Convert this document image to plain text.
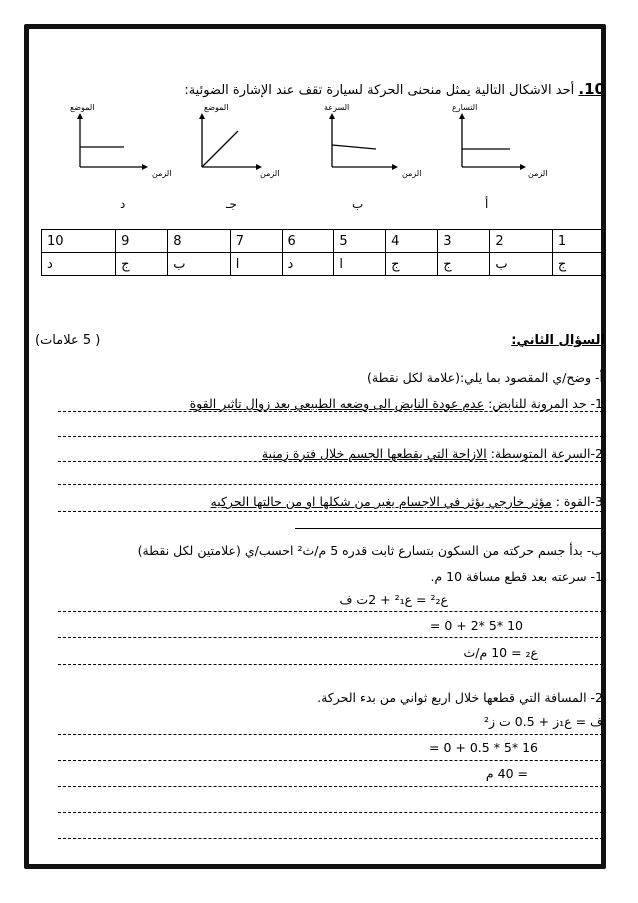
10. أحد الاشكال التالية يمثل منحنى الحركة لسيارة تقف عند الإشارة الضوئية:
التسارع
الزمن
السرعة
الزمن
الموضع
الزمن
الموضع
الزمن
أ
ب
جـ
د
1	2	3	4	5	6	7	8	9	10
ج	ب	ج	ج	ا	د	ا	ب	ج	د
السؤال الثاني:
( 5 علامات)
أ- وضح/ي المقصود بما يلي:(علامة لكل نقطة)
1- حد المرونة للنابض: عدم عودة النابض الى وضعه الطبيعي بعد زوال تاثير القوة
2-السرعة المتوسطة: الازاحة التي يقطعها الجسم خلال فترة زمنية
3-القوة : مؤثر خارجي يؤثر في الاجسام يغير من شكلها او من حالتها الحركيه
ب- بدأ جسم حركته من السكون بتسارع ثابت قدره 5 م/ث² احسب/ي (علامتين لكل نقطة)
1- سرعته بعد قطع مسافة 10 م.
ع²₂ = ع²₁ + 2ت ف
= 0 + 2* 5* 10
ع₂ = 10 م/ث
2- المسافة التي قطعها خلال اربع ثواني من بدء الحركة.
ف = ع₁ز + 0.5 ت ز²
= 0 + 0.5 * 5* 16
= 40 م
